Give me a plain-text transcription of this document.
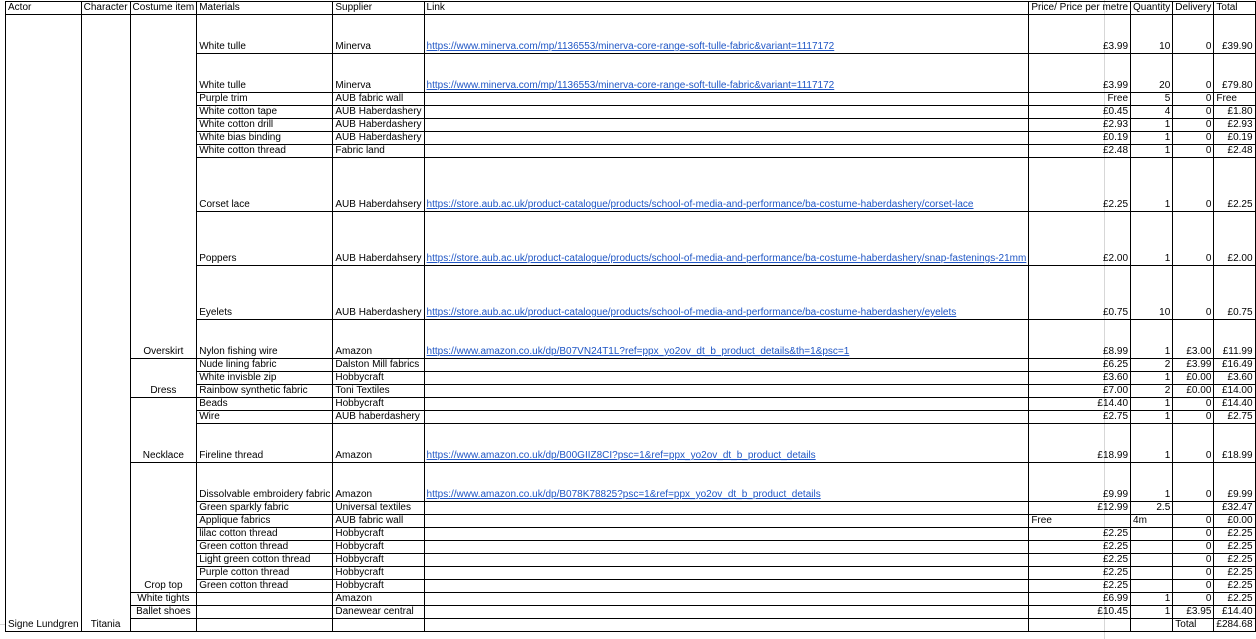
Actor	Character	Costume item	Materials	Supplier	Link	Price/ Price per metre	Quantity	Delivery	Total
Signe Lundgren	Titania	Overskirt	White tulle	Minerva	https://www.minerva.com/mp/1136553/minerva-core-range-soft-tulle-fabric&variant=1117172	£3.99	10	0	£39.90
			White tulle	Minerva	https://www.minerva.com/mp/1136553/minerva-core-range-soft-tulle-fabric&variant=1117172	£3.99	20	0	£79.80
			Purple trim	AUB fabric wall		Free	5	0	Free
			White cotton tape	AUB Haberdashery		£0.45	4	0	£1.80
			White cotton drill	AUB Haberdashery		£2.93	1	0	£2.93
			White bias binding	AUB Haberdashery		£0.19	1	0	£0.19
			White cotton thread	Fabric land		£2.48	1	0	£2.48
			Corset lace	AUB Haberdahsery	https://store.aub.ac.uk/product-catalogue/products/school-of-media-and-performance/ba-costume-haberdashery/corset-lace	£2.25	1	0	£2.25
			Poppers	AUB Haberdahsery	https://store.aub.ac.uk/product-catalogue/products/school-of-media-and-performance/ba-costume-haberdashery/snap-fastenings-21mm	£2.00	1	0	£2.00
			Eyelets	AUB Haberdashery	https://store.aub.ac.uk/product-catalogue/products/school-of-media-and-performance/ba-costume-haberdashery/eyelets	£0.75	10	0	£0.75
			Nylon fishing wire	Amazon	https://www.amazon.co.uk/dp/B07VN24T1L?ref=ppx_yo2ov_dt_b_product_details&th=1&psc=1	£8.99	1	£3.00	£11.99
		Dress	Nude lining fabric	Dalston Mill fabrics		£6.25	2	£3.99	£16.49
			White invisble zip	Hobbycraft		£3.60	1	£0.00	£3.60
			Rainbow synthetic fabric	Toni Textiles		£7.00	2	£0.00	£14.00
		Necklace	Beads	Hobbycraft		£14.40	1	0	£14.40
			Wire	AUB haberdashery		£2.75	1	0	£2.75
			Fireline thread	Amazon	https://www.amazon.co.uk/dp/B00GIIZ8CI?psc=1&ref=ppx_yo2ov_dt_b_product_details	£18.99	1	0	£18.99
		Crop top	Dissolvable embroidery fabric	Amazon	https://www.amazon.co.uk/dp/B078K78825?psc=1&ref=ppx_yo2ov_dt_b_product_details	£9.99	1	0	£9.99
			Green sparkly fabric	Universal textiles		£12.99	2.5		£32.47
			Applique fabrics	AUB fabric wall		Free	4m	0	£0.00
			lilac cotton thread	Hobbycraft		£2.25		0	£2.25
			Green cotton thread	Hobbycraft		£2.25		0	£2.25
			Light green cotton thread	Hobbycraft		£2.25		0	£2.25
			Purple cotton thread	Hobbycraft		£2.25		0	£2.25
			Green cotton thread	Hobbycraft		£2.25		0	£2.25
		White tights		Amazon		£6.99	1	0	£2.25
		Ballet shoes		Danewear central		£10.45	1	£3.95	£14.40
								Total	£284.68
